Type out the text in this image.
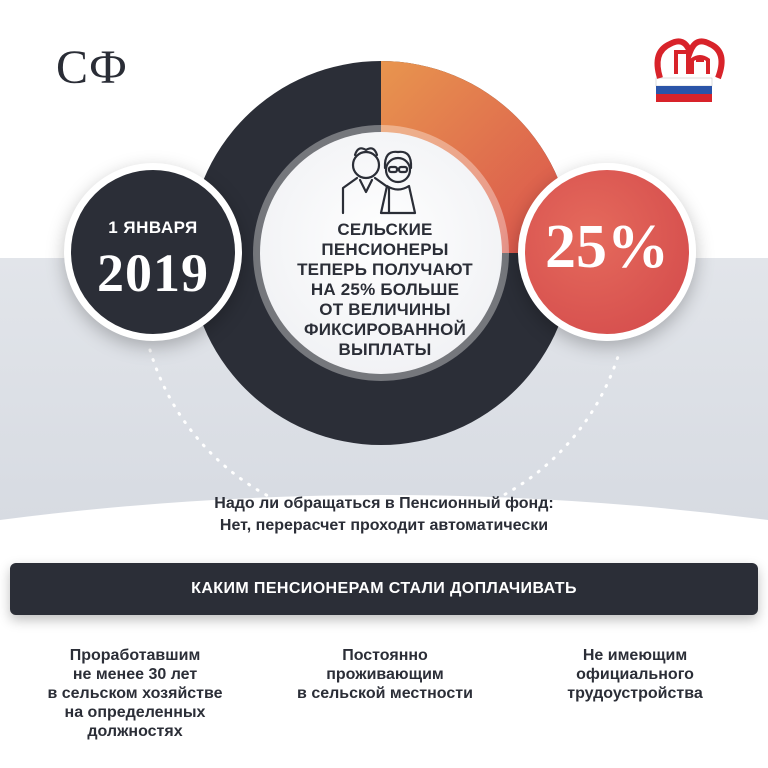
СФ
1 ЯНВАРЯ
2019	25%
СЕЛЬСКИЕ
ПЕНСИОНЕРЫ
ТЕПЕРЬ ПОЛУЧАЮТ
НА 25% БОЛЬШЕ
ОТ ВЕЛИЧИНЫ
ФИКСИРОВАННОЙ
ВЫПЛАТЫ
Надо ли обращаться в Пенсионный фонд:
Нет, перерасчет проходит автоматически
КАКИМ ПЕНСИОНЕРАМ СТАЛИ ДОПЛАЧИВАТЬ
Проработавшим
не менее 30 лет
в сельском хозяйстве
на определенных
должностях
Постоянно
проживающим
в сельской местности
Не имеющим
официального
трудоустройства
